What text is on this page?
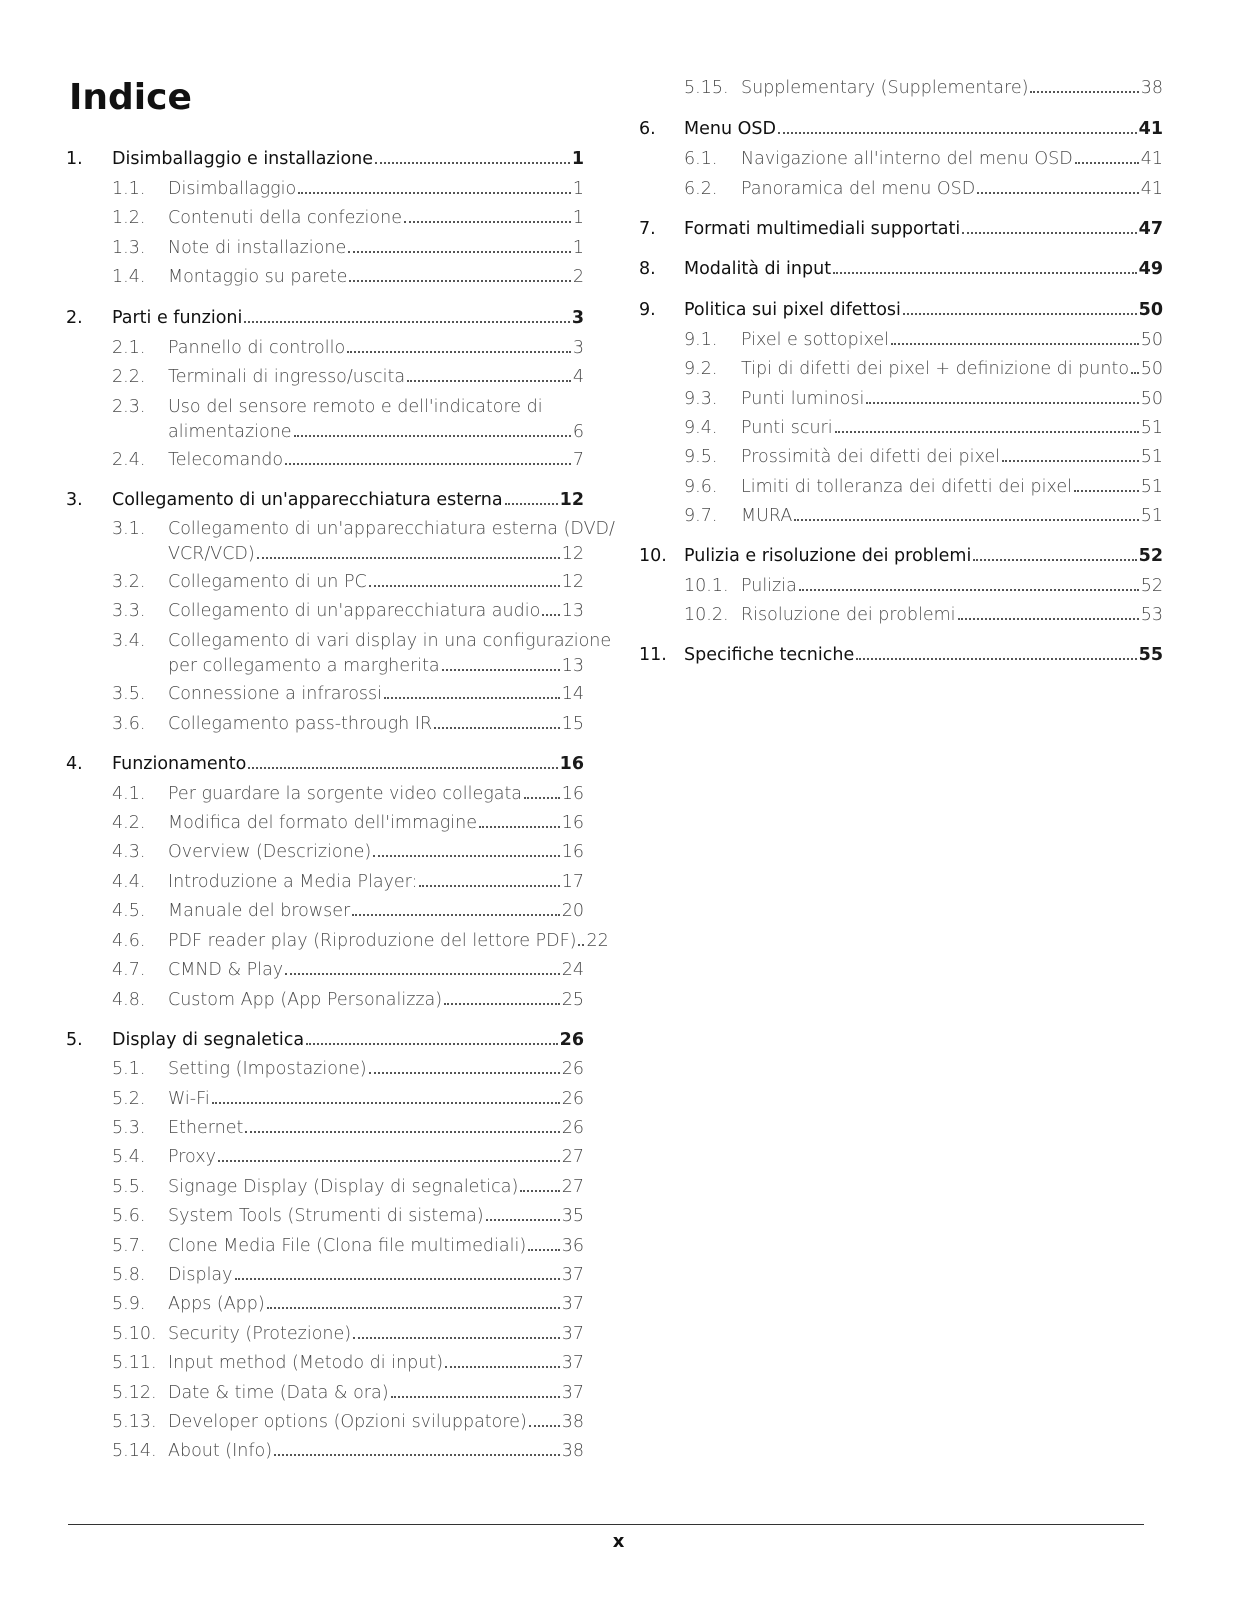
Indice
1. Disimballaggio e installazione	1
1.1. Disimballaggio	1
1.2. Contenuti della confezione	1
1.3. Note di installazione	1
1.4. Montaggio su parete	2
2. Parti e funzioni	3
2.1. Pannello di controllo	3
2.2. Terminali di ingresso/uscita	4
2.3. Uso del sensore remoto e dell'indicatore di
alimentazione	6
2.4. Telecomando	7
3. Collegamento di un'apparecchiatura esterna	12
3.1. Collegamento di un'apparecchiatura esterna (DVD/
VCR/VCD)	12
3.2. Collegamento di un PC	12
3.3. Collegamento di un'apparecchiatura audio 13
3.4. Collegamento di vari display in una configurazione
per collegamento a margherita	13
3.5. Connessione a infrarossi	14
3.6. Collegamento pass-through IR	15
4. Funzionamento	16
4.1. Per guardare la sorgente video collegata 16
4.2. Modifica del formato dell'immagine	16
4.3. Overview (Descrizione)	16
4.4. Introduzione a Media Player:	17
4.5. Manuale del browser	20
4.6. PDF reader play (Riproduzione del lettore PDF) 22
4.7. CMND & Play	24
4.8. Custom App (App Personalizza)	25
5. Display di segnaletica	26
5.1. Setting (Impostazione)	26
5.2. Wi-Fi	26
5.3. Ethernet	26
5.4. Proxy	27
5.5. Signage Display (Display di segnaletica) 27
5.6. System Tools (Strumenti di sistema)	35
5.7. Clone Media File (Clona file multimediali) 36
5.8. Display	37
5.9. Apps (App)	37
5.10. Security (Protezione)	37
5.11. Input method (Metodo di input)	37
5.12. Date & time (Data & ora)	37
5.13. Developer options (Opzioni sviluppatore) 38
5.14. About (Info)	38
5.15. Supplementary (Supplementare)	38
6. Menu OSD	41
6.1. Navigazione all'interno del menu OSD	41
6.2. Panoramica del menu OSD	41
7. Formati multimediali supportati	47
8. Modalità di input	49
9. Politica sui pixel difettosi	50
9.1. Pixel e sottopixel	50
9.2. Tipi di difetti dei pixel + definizione di punto 50
9.3. Punti luminosi	50
9.4. Punti scuri	51
9.5. Prossimità dei difetti dei pixel	51
9.6. Limiti di tolleranza dei difetti dei pixel	51
9.7. MURA	51
10. Pulizia e risoluzione dei problemi	52
10.1. Pulizia	52
10.2. Risoluzione dei problemi	53
11. Specifiche tecniche	55
x
